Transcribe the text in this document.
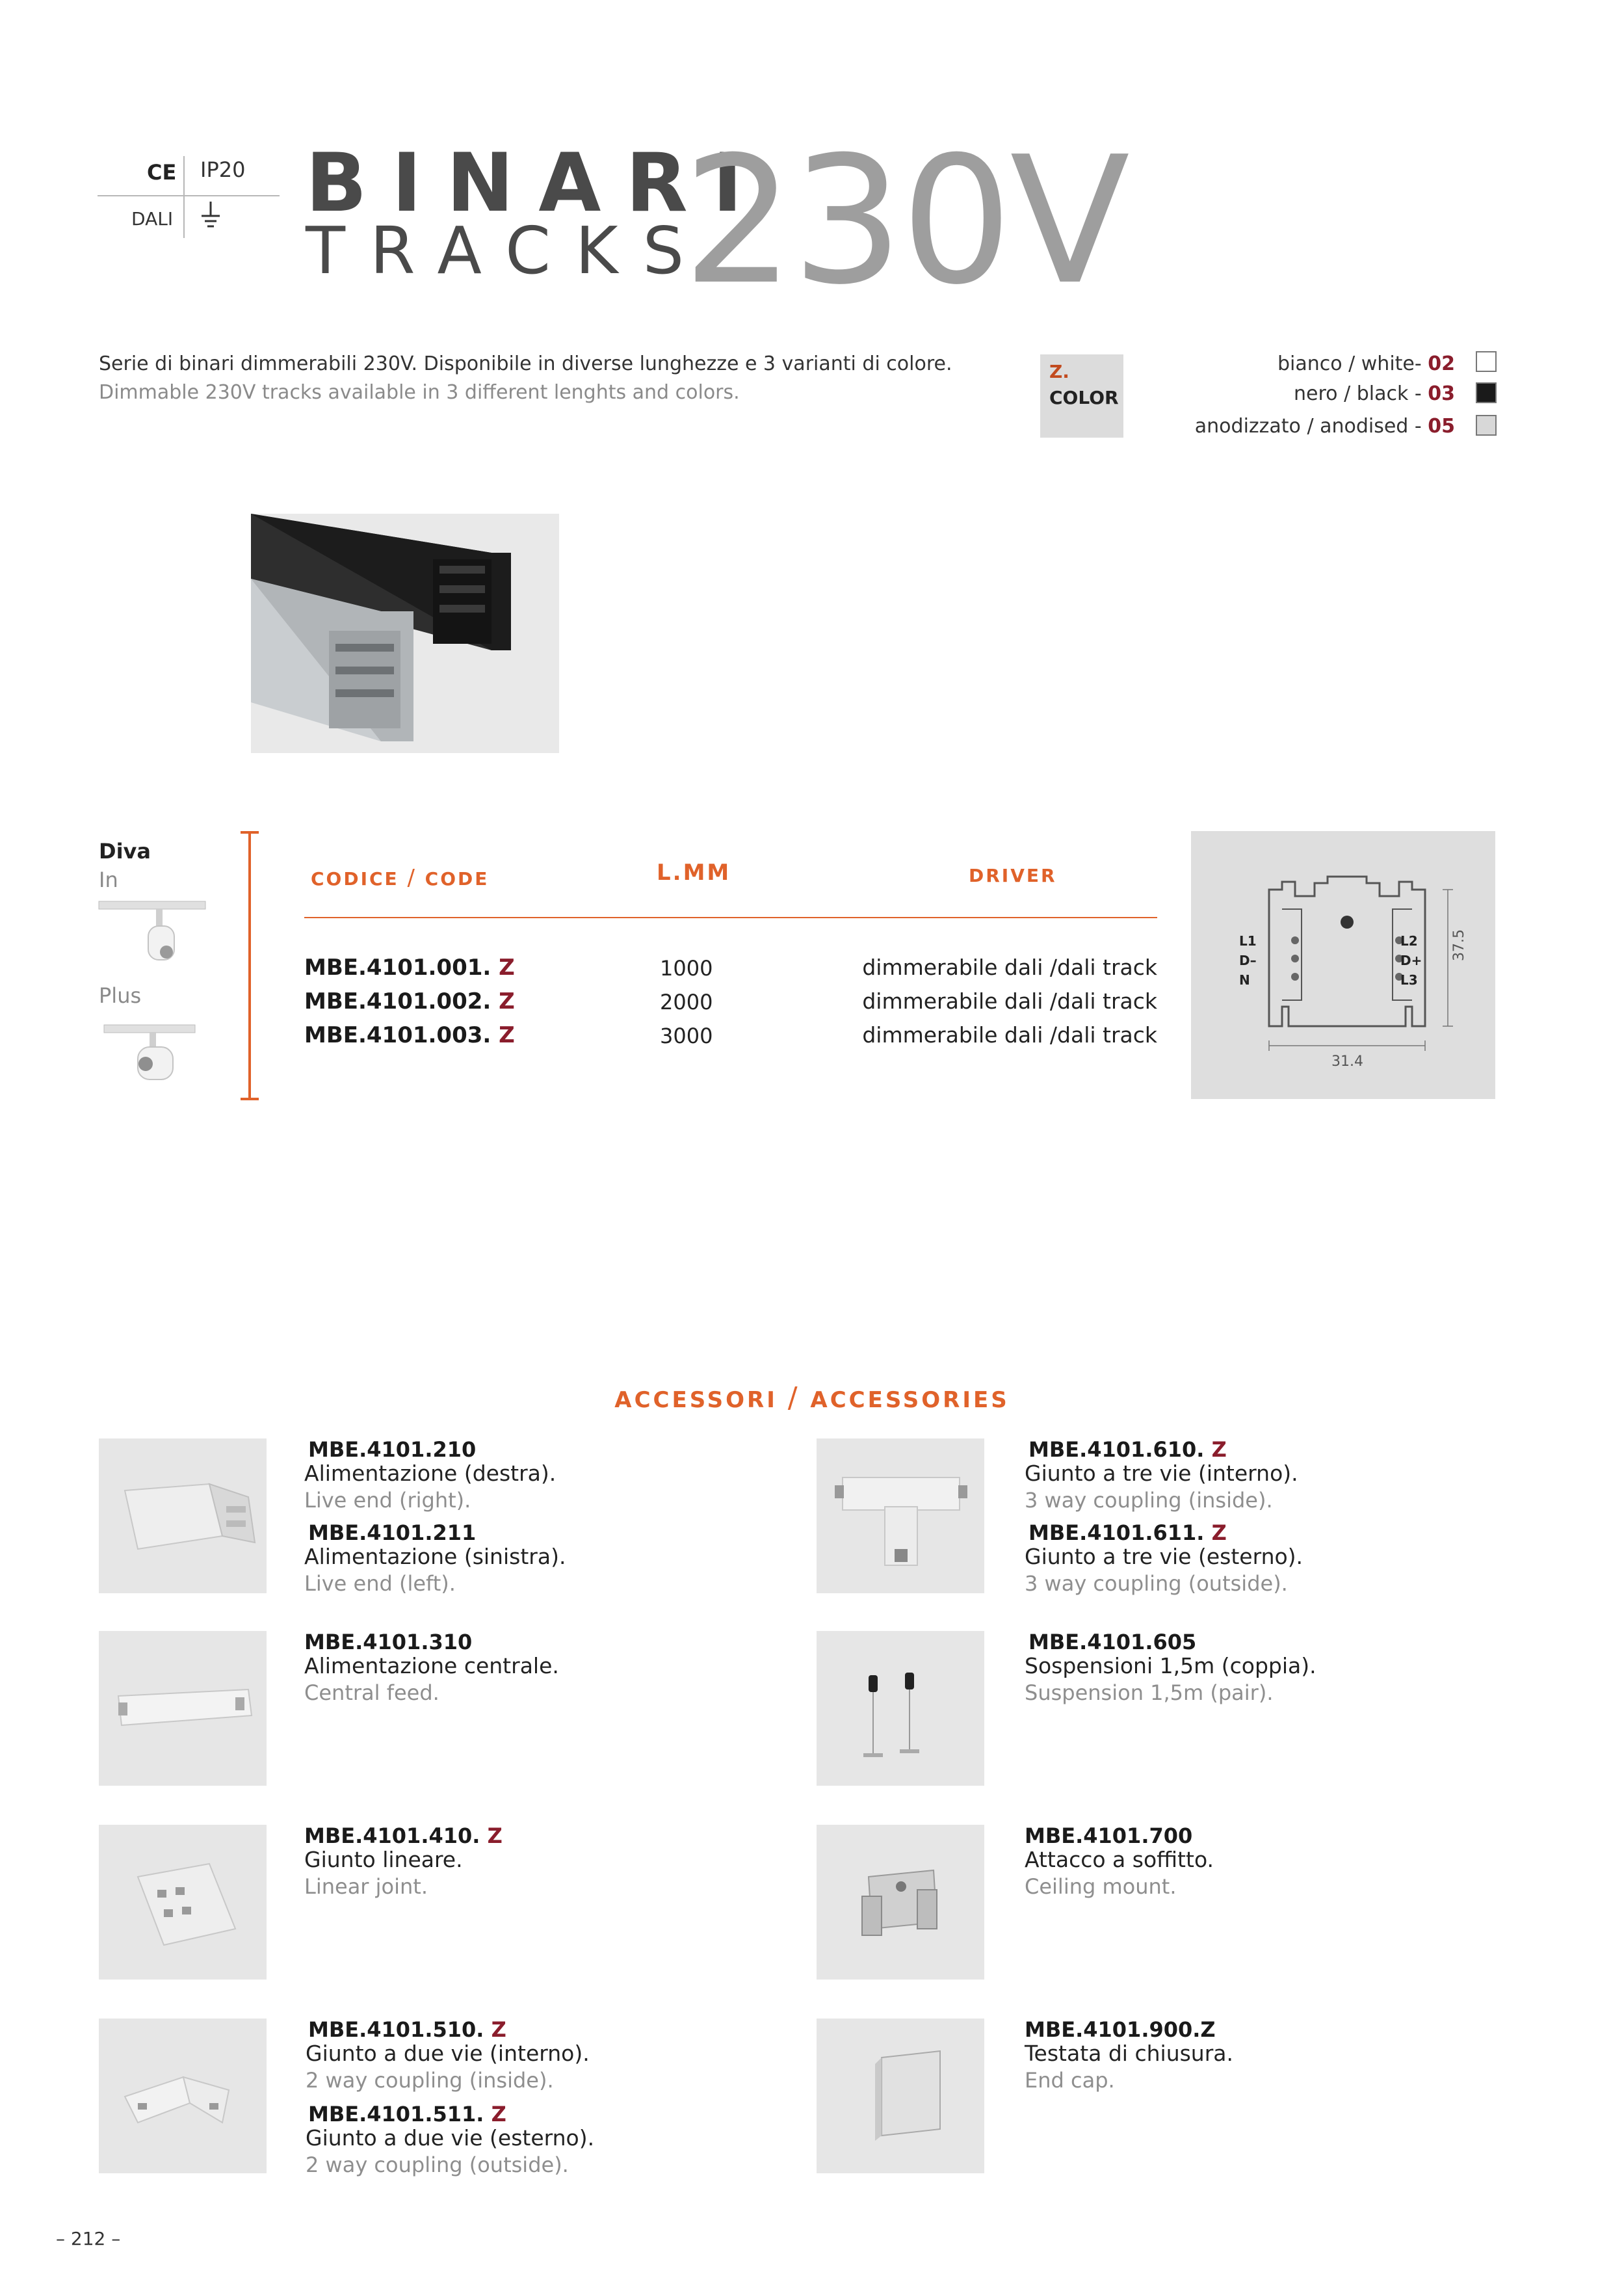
CE IP20
DALI BINARI
TRACKS
230V
Serie di binari dimmerabili 230V. Disponibile in diverse lunghezze e 3 varianti di colore.
Dimmable 230V tracks available in 3 different lenghts and colors.
Z.
COLOR
bianco / white- 02
nero / black - 03
anodizzato / anodised - 05
Diva
In
Plus
CODICE / CODE	L.MM	DRIVER
MBE.4101.001. Z	1000	dimmerabile dali /dali track
MBE.4101.002. Z	2000	dimmerabile dali /dali track
MBE.4101.003. Z	3000	dimmerabile dali /dali track
L1
D–
N
L2
D+
L3
31.4
37.5
ACCESSORI / ACCESSORIES
MBE.4101.210
Alimentazione (destra).
Live end (right).
MBE.4101.211
Alimentazione (sinistra).
Live end (left).
MBE.4101.610. Z
Giunto a tre vie (interno).
3 way coupling (inside).
MBE.4101.611. Z
Giunto a tre vie (esterno).
3 way coupling (outside).
MBE.4101.310
Alimentazione centrale.
Central feed.
MBE.4101.605
Sospensioni 1,5m (coppia).
Suspension 1,5m (pair).
MBE.4101.410. Z
Giunto lineare.
Linear joint.
MBE.4101.700
Attacco a soffitto.
Ceiling mount.
MBE.4101.510. Z
Giunto a due vie (interno).
2 way coupling (inside).
MBE.4101.511. Z
Giunto a due vie (esterno).
2 way coupling (outside).
MBE.4101.900.Z
Testata di chiusura.
End cap.
– 212 –
